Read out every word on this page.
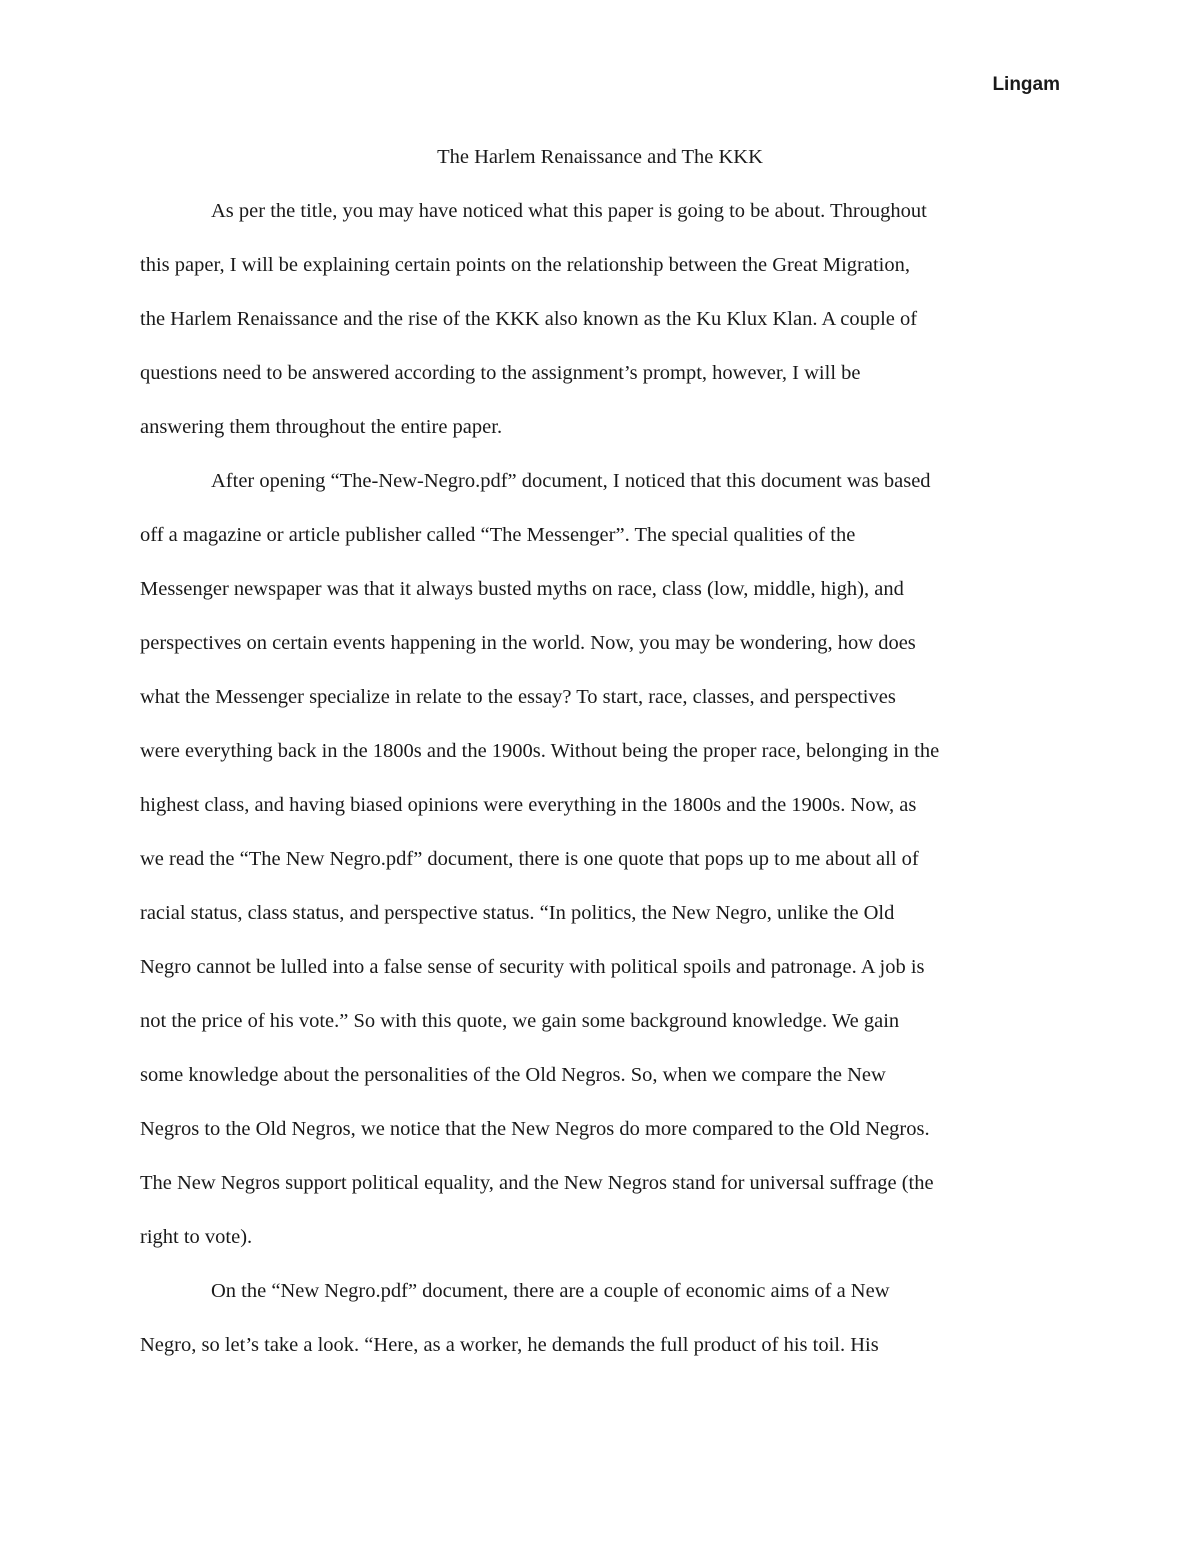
Lingam
The Harlem Renaissance and The KKK
As per the title, you may have noticed what this paper is going to be about. Throughout
this paper, I will be explaining certain points on the relationship between the Great Migration,
the Harlem Renaissance and the rise of the KKK also known as the Ku Klux Klan. A couple of
questions need to be answered according to the assignment’s prompt, however, I will be
answering them throughout the entire paper.
After opening “The-New-Negro.pdf” document, I noticed that this document was based
off a magazine or article publisher called “The Messenger”. The special qualities of the
Messenger newspaper was that it always busted myths on race, class (low, middle, high), and
perspectives on certain events happening in the world. Now, you may be wondering, how does
what the Messenger specialize in relate to the essay? To start, race, classes, and perspectives
were everything back in the 1800s and the 1900s. Without being the proper race, belonging in the
highest class, and having biased opinions were everything in the 1800s and the 1900s. Now, as
we read the “The New Negro.pdf” document, there is one quote that pops up to me about all of
racial status, class status, and perspective status. “In politics, the New Negro, unlike the Old
Negro cannot be lulled into a false sense of security with political spoils and patronage. A job is
not the price of his vote.” So with this quote, we gain some background knowledge. We gain
some knowledge about the personalities of the Old Negros. So, when we compare the New
Negros to the Old Negros, we notice that the New Negros do more compared to the Old Negros.
The New Negros support political equality, and the New Negros stand for universal suffrage (the
right to vote).
On the “New Negro.pdf” document, there are a couple of economic aims of a New
Negro, so let’s take a look. “Here, as a worker, he demands the full product of his toil. His
